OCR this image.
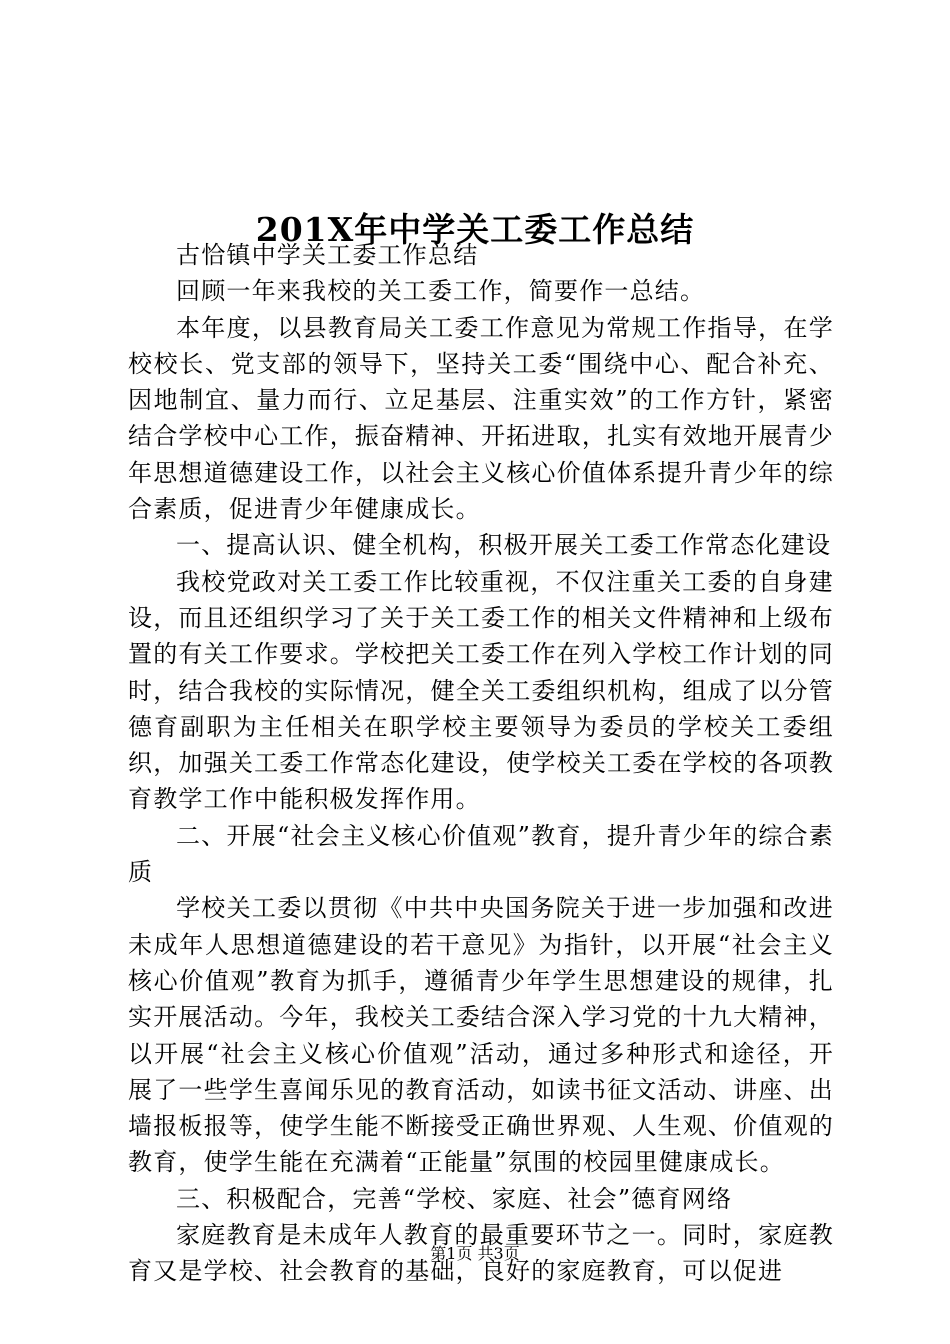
201X年中学关工委工作总结

古恰镇中学关工委工作总结

回顾一年来我校的关工委工作，简要作一总结。

本年度，以县教育局关工委工作意见为常规工作指导，在学校校长、党支部的领导下，坚持关工委“围绕中心、配合补充、因地制宜、量力而行、立足基层、注重实效”的工作方针，紧密结合学校中心工作，振奋精神、开拓进取，扎实有效地开展青少年思想道德建设工作，以社会主义核心价值体系提升青少年的综合素质，促进青少年健康成长。

一、提高认识、健全机构，积极开展关工委工作常态化建设

我校党政对关工委工作比较重视，不仅注重关工委的自身建设，而且还组织学习了关于关工委工作的相关文件精神和上级布置的有关工作要求。学校把关工委工作在列入学校工作计划的同时，结合我校的实际情况，健全关工委组织机构，组成了以分管德育副职为主任相关在职学校主要领导为委员的学校关工委组织，加强关工委工作常态化建设，使学校关工委在学校的各项教育教学工作中能积极发挥作用。

二、开展“社会主义核心价值观”教育，提升青少年的综合素质

学校关工委以贯彻《中共中央国务院关于进一步加强和改进未成年人思想道德建设的若干意见》为指针，以开展“社会主义核心价值观”教育为抓手，遵循青少年学生思想建设的规律，扎实开展活动。今年，我校关工委结合深入学习党的十九大精神，以开展“社会主义核心价值观”活动，通过多种形式和途径，开展了一些学生喜闻乐见的教育活动，如读书征文活动、讲座、出墙报板报等，使学生能不断接受正确世界观、人生观、价值观的教育，使学生能在充满着“正能量”氛围的校园里健康成长。

三、积极配合，完善“学校、家庭、社会”德育网络

家庭教育是未成年人教育的最重要环节之一。同时，家庭教育又是学校、社会教育的基础，良好的家庭教育，可以促进

第1页 共3页
